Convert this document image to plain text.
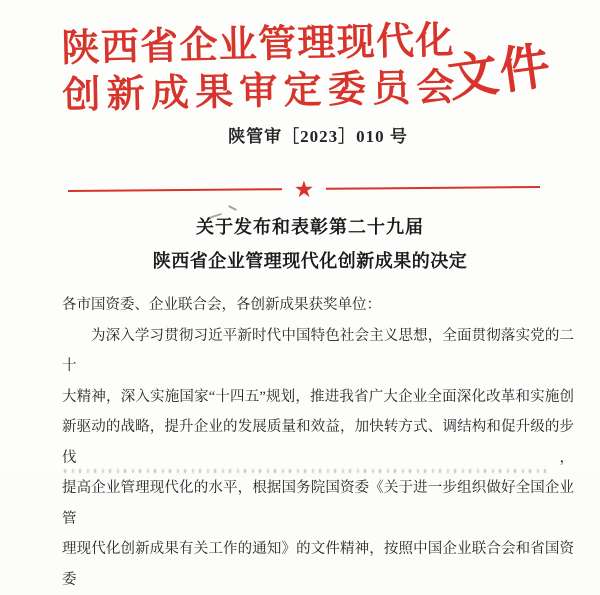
陕西省企业管理现代化
创新成果审定委员会
文件
陕管审［2023］010 号
★
关于发布和表彰第二十九届
陕西省企业管理现代化创新成果的决定
各市国资委、企业联合会，各创新成果获奖单位：
为深入学习贯彻习近平新时代中国特色社会主义思想，全面贯彻落实党的二十
大精神，深入实施国家“十四五”规划，推进我省广大企业全面深化改革和实施创
新驱动的战略，提升企业的发展质量和效益，加快转方式、调结构和促升级的步伐，
提高企业管理现代化的水平，根据国务院国资委《关于进一步组织做好全国企业管
理现代化创新成果有关工作的通知》的文件精神，按照中国企业联合会和省国资委
